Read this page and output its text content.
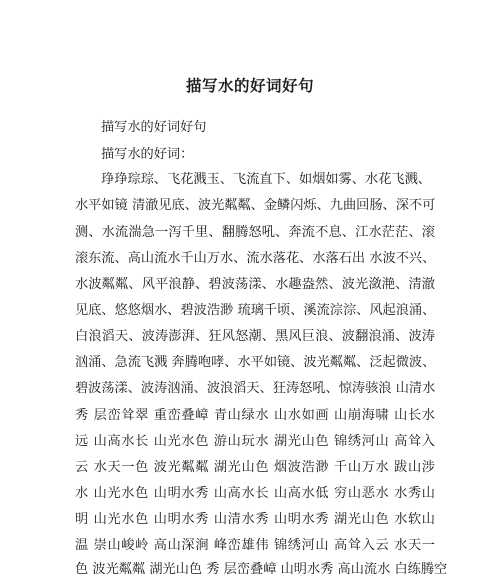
描写水的好词好句
描写水的好词好句
描写水的好词：
琤琤琮琮、飞花溅玉、飞流直下、如烟如雾、水花飞溅、
水平如镜 清澈见底、波光粼粼、金鳞闪烁、九曲回肠、深不可
测、水流湍急一泻千里、翻腾怒吼、奔流不息、江水茫茫、滚
滚东流、高山流水千山万水、流水落花、水落石出 水波不兴、
水波粼粼、风平浪静、碧波荡漾、水趣盎然、波光潋滟、清澈
见底、悠悠烟水、碧波浩渺 琉璃千顷、溪流淙淙、风起浪涌、
白浪滔天、波涛澎湃、狂风怒潮、黑风巨浪、波翻浪涌、波涛
汹涌、急流飞溅 奔腾咆哮、水平如镜、波光粼粼、泛起微波、
碧波荡漾、波涛汹涌、波浪滔天、狂涛怒吼、惊涛骇浪 山清水
秀 层峦耸翠 重峦叠嶂 青山绿水 山水如画 山崩海啸 山长水
远 山高水长 山光水色 游山玩水 湖光山色 锦绣河山 高耸入
云 水天一色 波光粼粼 湖光山色 烟波浩渺 千山万水 跋山涉
水 山光水色 山明水秀 山高水长 山高水低 穷山恶水 水秀山
明 山光水色 山明水秀 山清水秀 山明水秀 湖光山色 水软山
温 崇山峻岭 高山深涧 峰峦雄伟 锦绣河山 高耸入云 水天一
色 波光粼粼 湖光山色 秀 层峦叠嶂 山明水秀 高山流水 白练腾空
